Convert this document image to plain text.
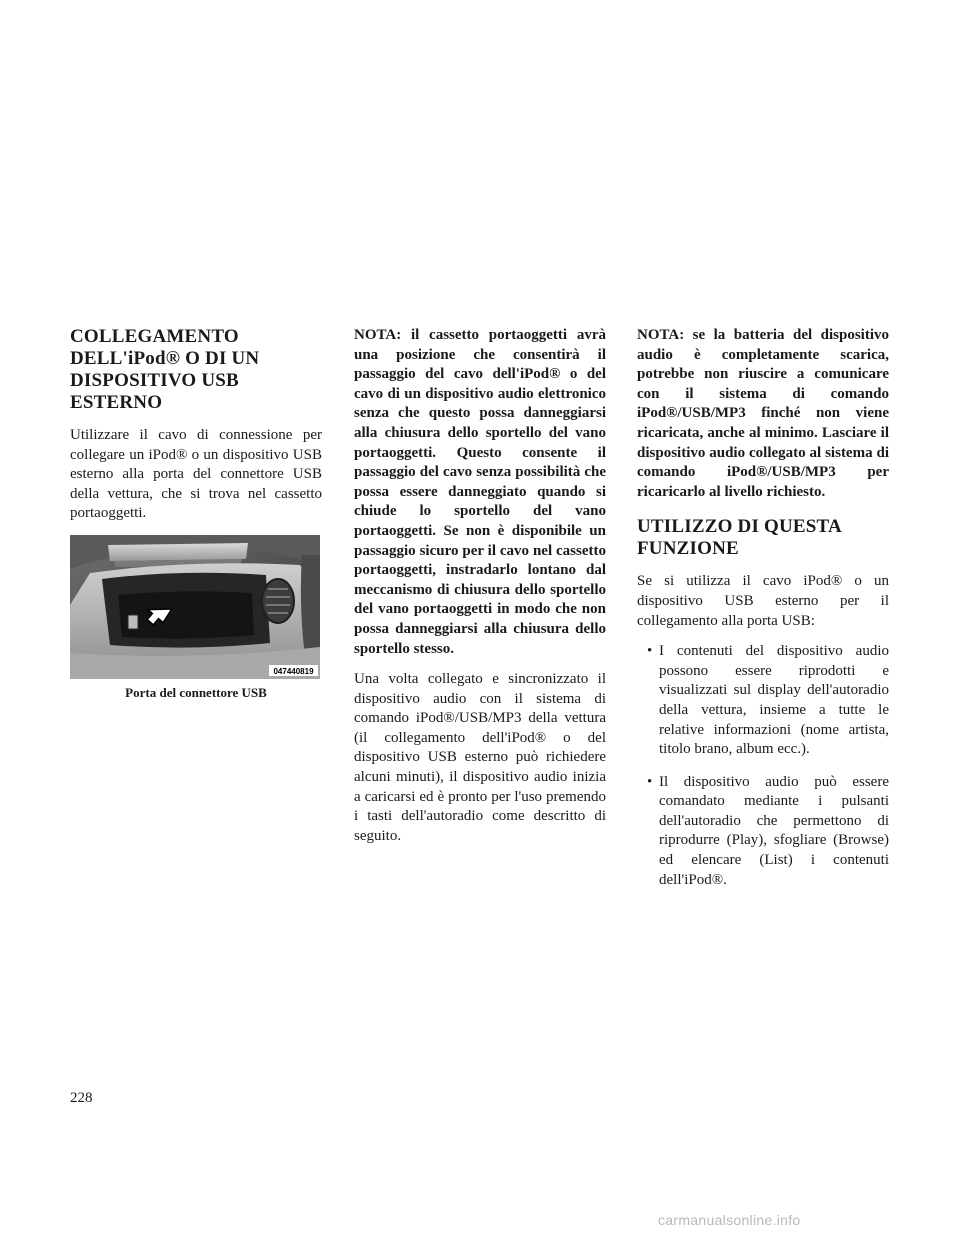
COLLEGAMENTO DELL'iPod® O DI UN DISPOSITIVO USB ESTERNO

Utilizzare il cavo di connessione per collegare un iPod® o un dispositivo USB esterno alla porta del connettore USB della vettura, che si trova nel cassetto portaoggetti.

047440819
Porta del connettore USB

NOTA: il cassetto portaoggetti avrà una posizione che consentirà il passaggio del cavo dell'iPod® o del cavo di un dispositivo audio elettronico senza che questo possa danneggiarsi alla chiusura dello sportello del vano portaoggetti. Questo consente il passaggio del cavo senza possibilità che possa essere danneggiato quando si chiude lo sportello del vano portaoggetti. Se non è disponibile un passaggio sicuro per il cavo nel cassetto portaoggetti, instradarlo lontano dal meccanismo di chiusura dello sportello del vano portaoggetti in modo che non possa danneggiarsi alla chiusura dello sportello stesso.

Una volta collegato e sincronizzato il dispositivo audio con il sistema di comando iPod®/USB/MP3 della vettura (il collegamento dell'iPod® o del dispositivo USB esterno può richiedere alcuni minuti), il dispositivo audio inizia a caricarsi ed è pronto per l'uso premendo i tasti dell'autoradio come descritto di seguito.

NOTA: se la batteria del dispositivo audio è completamente scarica, potrebbe non riuscire a comunicare con il sistema di comando iPod®/USB/MP3 finché non viene ricaricata, anche al minimo. Lasciare il dispositivo audio collegato al sistema di comando iPod®/USB/MP3 per ricaricarlo al livello richiesto.

UTILIZZO DI QUESTA FUNZIONE

Se si utilizza il cavo iPod® o un dispositivo USB esterno per il collegamento alla porta USB:

• I contenuti del dispositivo audio possono essere riprodotti e visualizzati sul display dell'autoradio della vettura, insieme a tutte le relative informazioni (nome artista, titolo brano, album ecc.).
• Il dispositivo audio può essere comandato mediante i pulsanti dell'autoradio che permettono di riprodurre (Play), sfogliare (Browse) ed elencare (List) i contenuti dell'iPod®.
228
carmanualsonline.info
